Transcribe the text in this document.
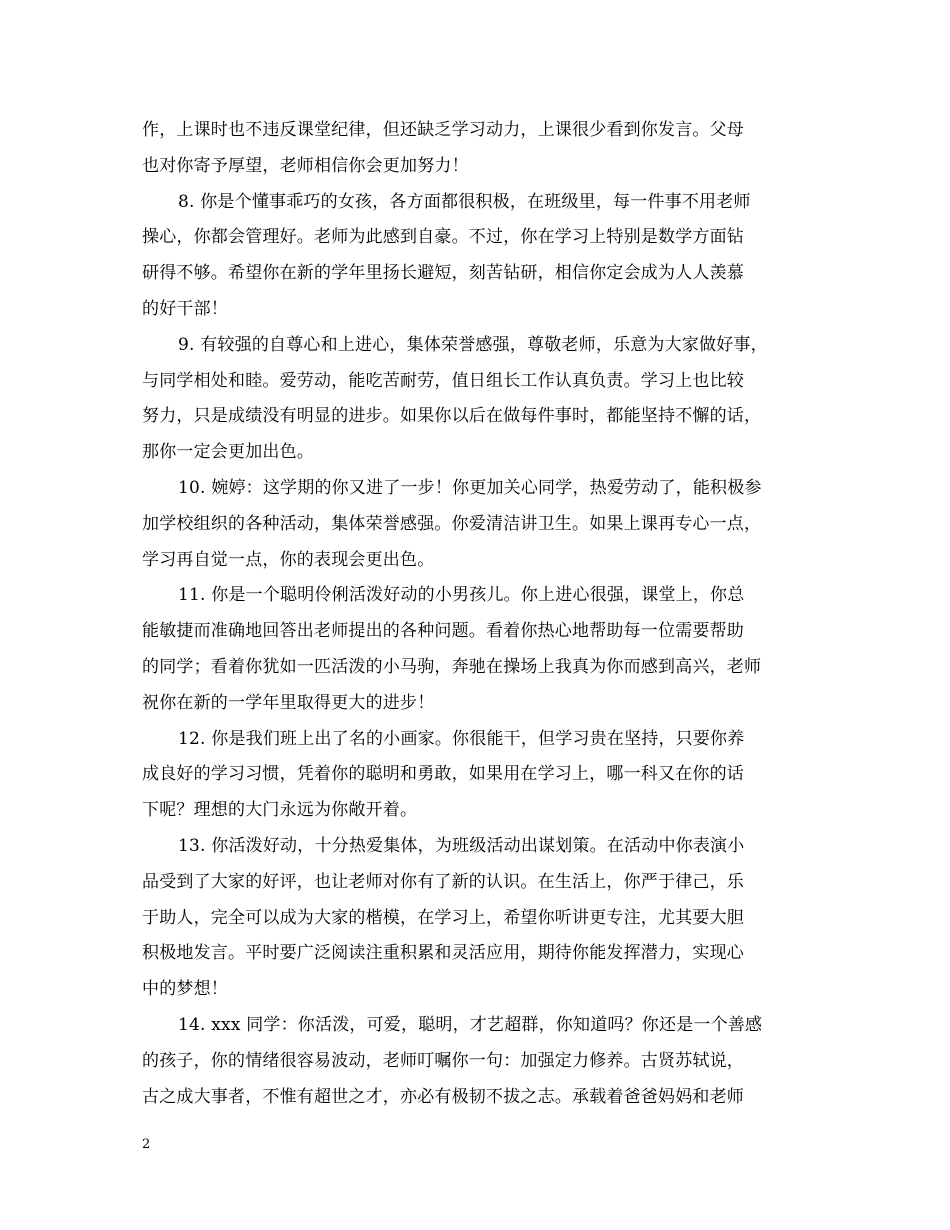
作，上课时也不违反课堂纪律，但还缺乏学习动力，上课很少看到你发言。父母
也对你寄予厚望，老师相信你会更加努力！

8. 你是个懂事乖巧的女孩，各方面都很积极，在班级里，每一件事不用老师
操心，你都会管理好。老师为此感到自豪。不过，你在学习上特别是数学方面钻
研得不够。希望你在新的学年里扬长避短，刻苦钻研，相信你定会成为人人羡慕
的好干部！

9. 有较强的自尊心和上进心，集体荣誉感强，尊敬老师，乐意为大家做好事，
与同学相处和睦。爱劳动，能吃苦耐劳，值日组长工作认真负责。学习上也比较
努力，只是成绩没有明显的进步。如果你以后在做每件事时，都能坚持不懈的话，
那你一定会更加出色。

10. 婉婷：这学期的你又进了一步！你更加关心同学，热爱劳动了，能积极参
加学校组织的各种活动，集体荣誉感强。你爱清洁讲卫生。如果上课再专心一点，
学习再自觉一点，你的表现会更出色。

11. 你是一个聪明伶俐活泼好动的小男孩儿。你上进心很强，课堂上，你总
能敏捷而准确地回答出老师提出的各种问题。看着你热心地帮助每一位需要帮助
的同学；看着你犹如一匹活泼的小马驹，奔驰在操场上我真为你而感到高兴，老师
祝你在新的一学年里取得更大的进步！

12. 你是我们班上出了名的小画家。你很能干，但学习贵在坚持，只要你养
成良好的学习习惯，凭着你的聪明和勇敢，如果用在学习上，哪一科又在你的话
下呢？理想的大门永远为你敞开着。

13. 你活泼好动，十分热爱集体，为班级活动出谋划策。在活动中你表演小
品受到了大家的好评，也让老师对你有了新的认识。在生活上，你严于律己，乐
于助人，完全可以成为大家的楷模，在学习上，希望你听讲更专注，尤其要大胆
积极地发言。平时要广泛阅读注重积累和灵活应用，期待你能发挥潜力，实现心
中的梦想！

14. xxx 同学：你活泼，可爱，聪明，才艺超群，你知道吗？你还是一个善感
的孩子，你的情绪很容易波动，老师叮嘱你一句：加强定力修养。古贤苏轼说，
古之成大事者，不惟有超世之才，亦必有极韧不拔之志。承载着爸爸妈妈和老师

2
